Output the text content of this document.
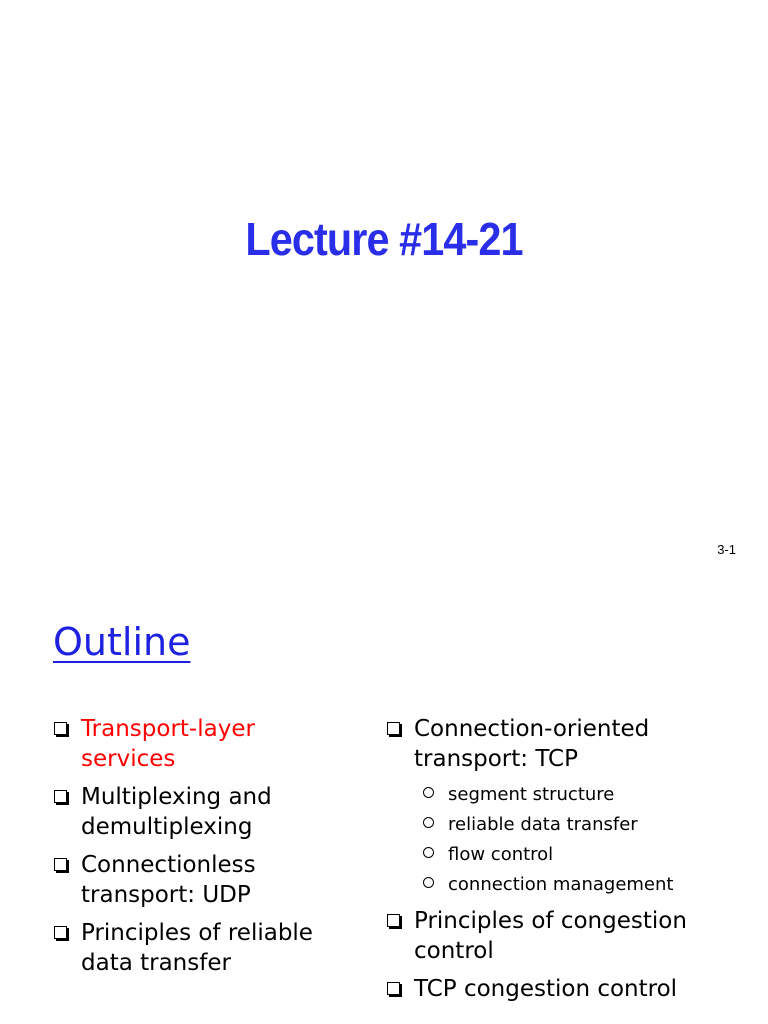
Lecture #14-21
3-1
Outline
Transport-layer services
Multiplexing and demultiplexing
Connectionless transport: UDP
Principles of reliable data transfer
Connection-oriented transport: TCP
segment structure
reliable data transfer
flow control
connection management
Principles of congestion control
TCP congestion control
